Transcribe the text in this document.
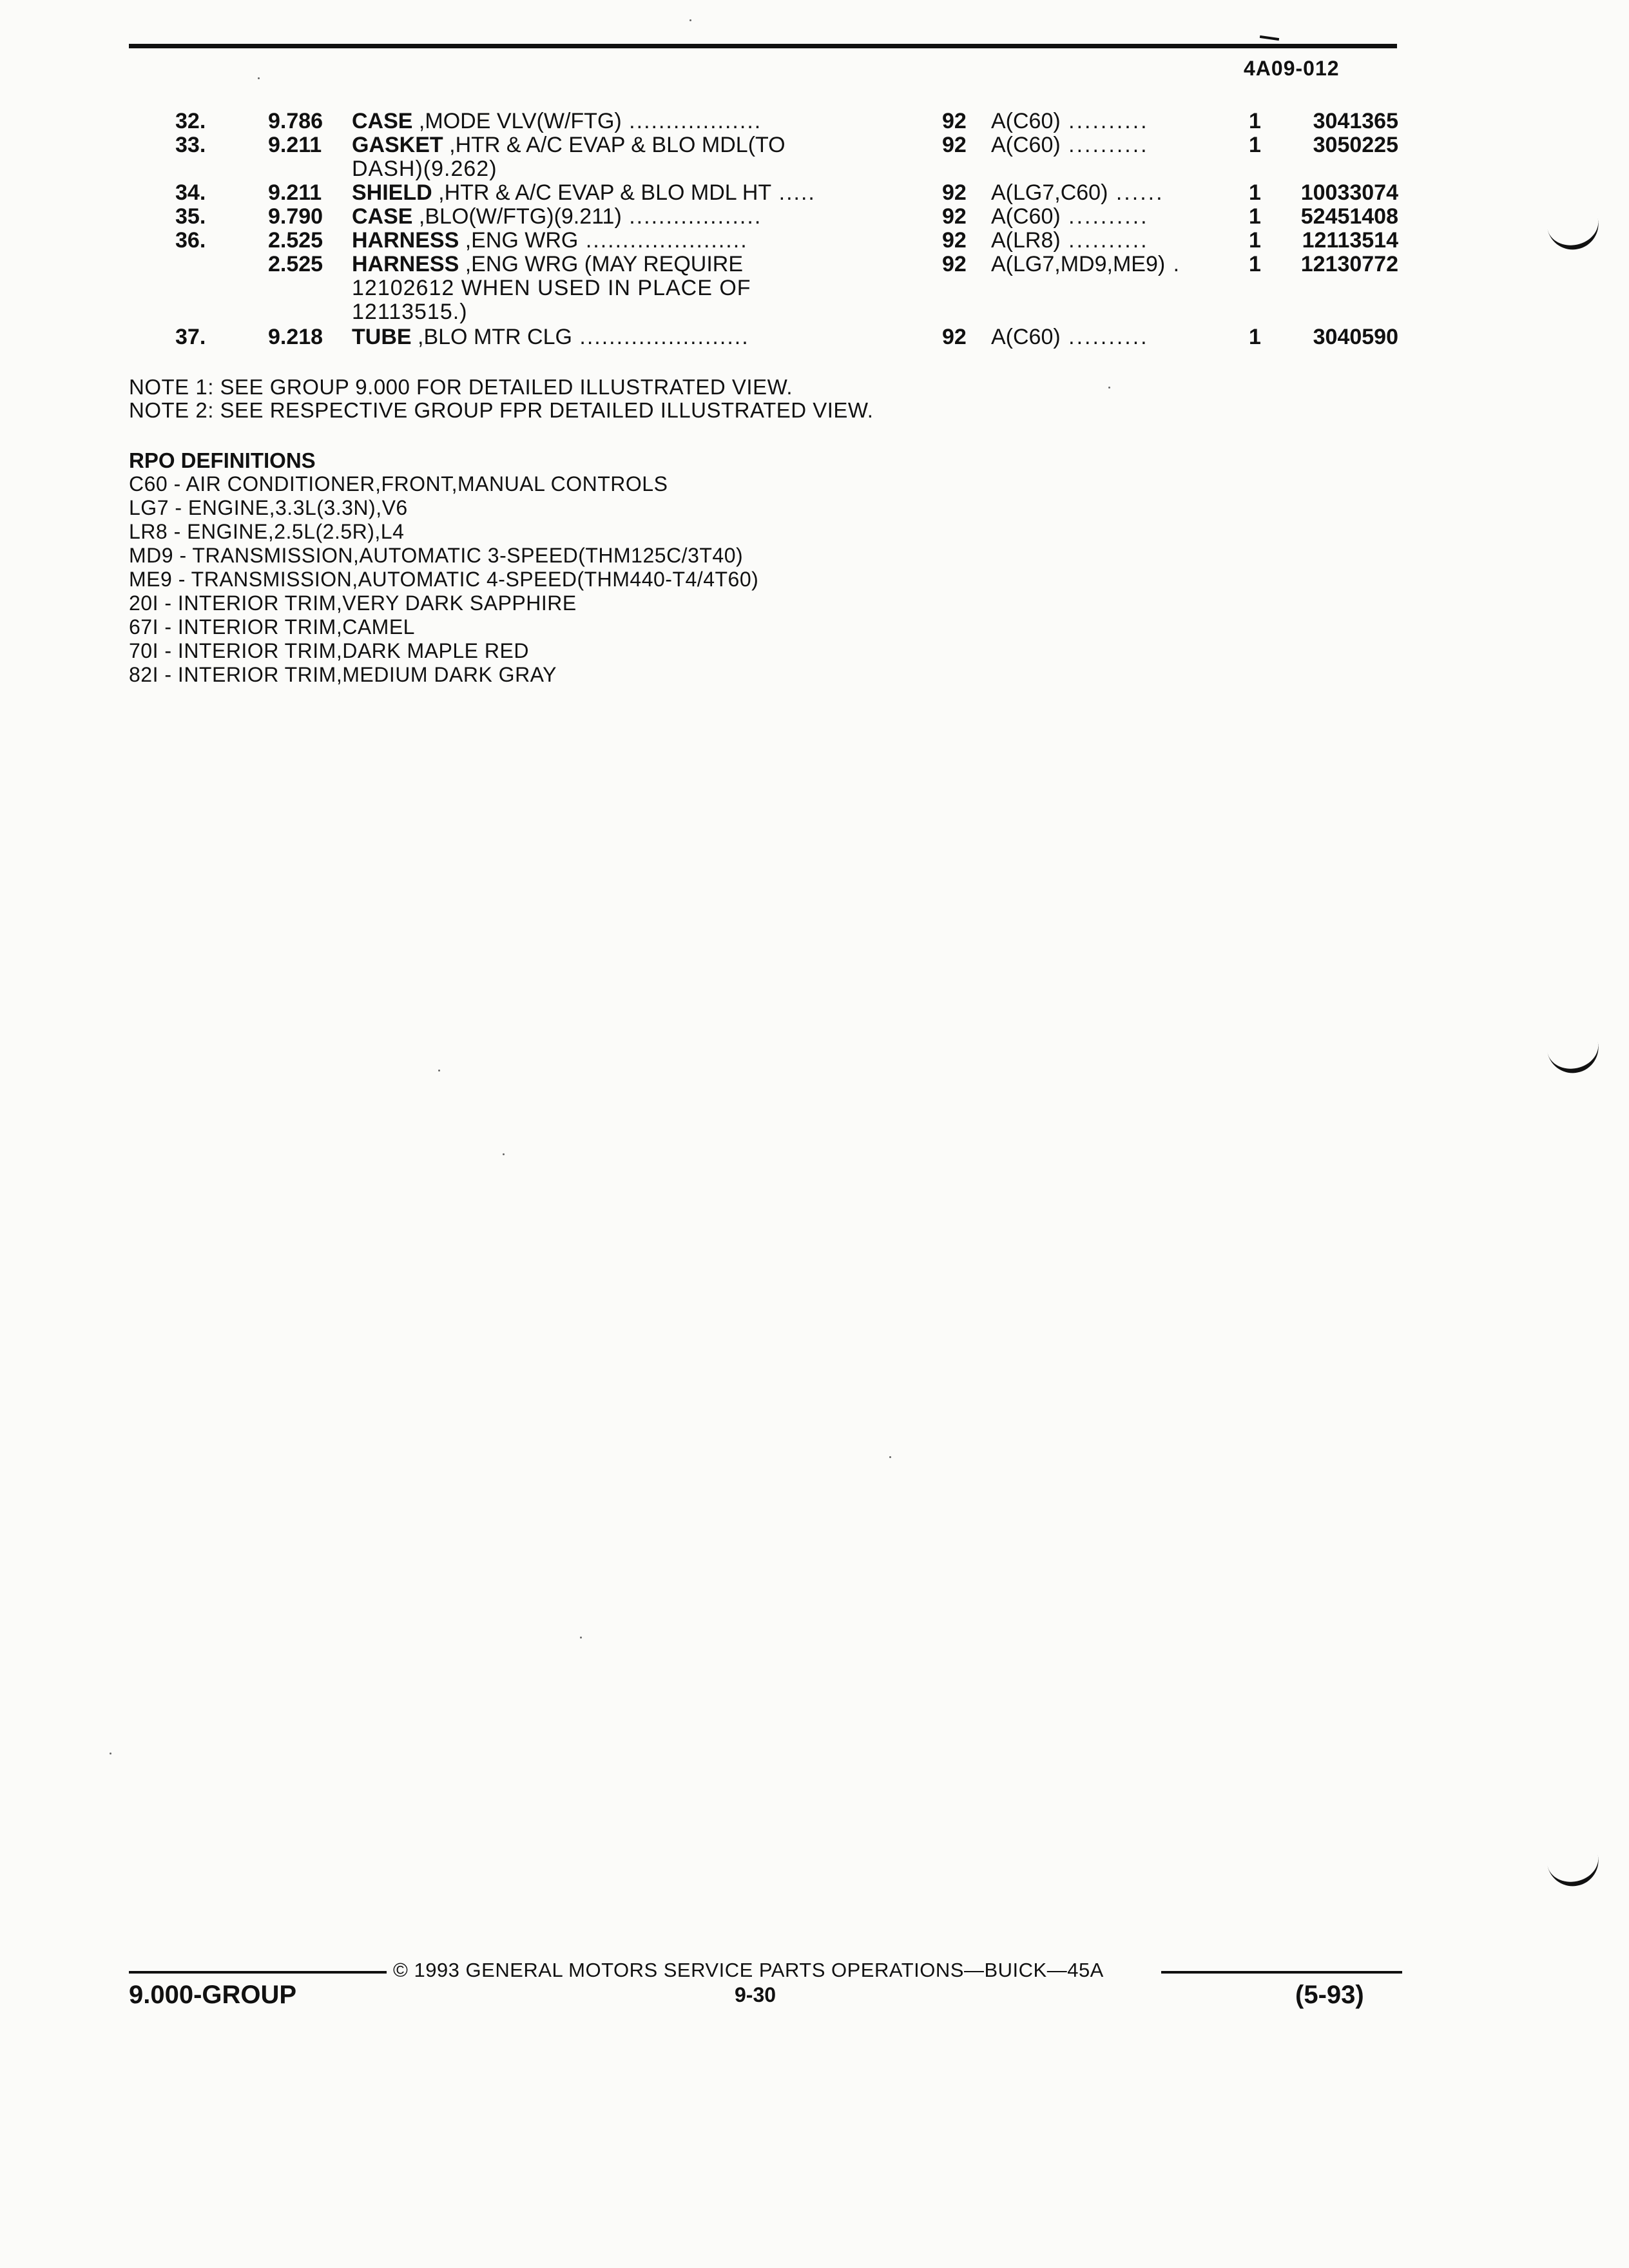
4A09-012
32.	9.786 CASE ,MODE VLV(W/FTG) ..................	92 A(C60) ..........	1	3041365
33.	9.211 GASKET ,HTR & A/C EVAP & BLO MDL(TO	92 A(C60) ..........	1	3050225
DASH)(9.262)
34.	9.211 SHIELD ,HTR & A/C EVAP & BLO MDL HT .....	92 A(LG7,C60) ......	1	10033074
35.	9.790 CASE ,BLO(W/FTG)(9.211) ..................	92 A(C60) ..........	1	52451408
36.	2.525 HARNESS ,ENG WRG ......................	92 A(LR8) ..........	1	12113514
2.525 HARNESS ,ENG WRG (MAY REQUIRE	92 A(LG7,MD9,ME9) .	1	12130772
12102612 WHEN USED IN PLACE OF
12113515.)
37.	9.218 TUBE ,BLO MTR CLG .......................	92 A(C60) ..........	1	3040590
NOTE 1: SEE GROUP 9.000 FOR DETAILED ILLUSTRATED VIEW.
NOTE 2: SEE RESPECTIVE GROUP FPR DETAILED ILLUSTRATED VIEW.
RPO DEFINITIONS
C60 - AIR CONDITIONER,FRONT,MANUAL CONTROLS
LG7 - ENGINE,3.3L(3.3N),V6
LR8 - ENGINE,2.5L(2.5R),L4
MD9 - TRANSMISSION,AUTOMATIC 3-SPEED(THM125C/3T40)
ME9 - TRANSMISSION,AUTOMATIC 4-SPEED(THM440-T4/4T60)
20I - INTERIOR TRIM,VERY DARK SAPPHIRE
67I - INTERIOR TRIM,CAMEL
70I - INTERIOR TRIM,DARK MAPLE RED
82I - INTERIOR TRIM,MEDIUM DARK GRAY
© 1993 GENERAL MOTORS SERVICE PARTS OPERATIONS—BUICK—45A
9.000-GROUP	9-30	(5-93)
